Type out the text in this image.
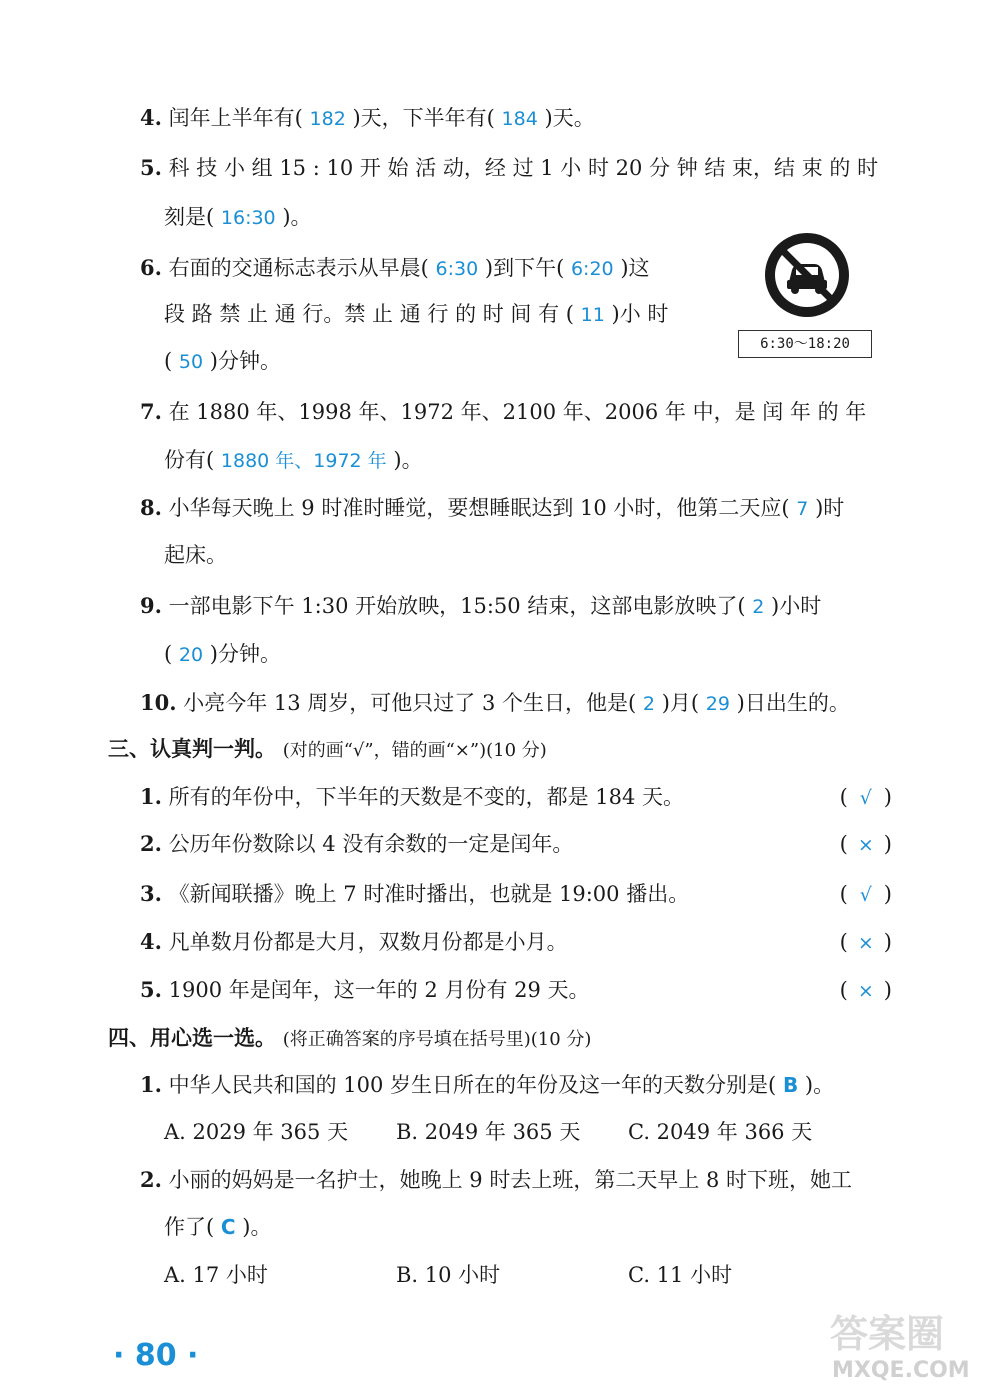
4. 闰年上半年有( 182 )天，下半年有( 184 )天。
5. 科 技 小 组 15 : 10 开 始 活 动，经 过 1 小 时 20 分 钟 结 束，结 束 的 时
刻是( 16:30 )。
6. 右面的交通标志表示从早晨( 6:30 )到下午( 6:20 )这
段 路 禁 止 通 行。禁 止 通 行 的 时 间 有 ( 11 )小 时
( 50 )分钟。
6:30～18:20
7. 在 1880 年、1998 年、1972 年、2100 年、2006 年 中，是 闰 年 的 年
份有( 1880 年、1972 年 )。
8. 小华每天晚上 9 时准时睡觉，要想睡眠达到 10 小时，他第二天应( 7 )时
起床。
9. 一部电影下午 1:30 开始放映，15:50 结束，这部电影放映了( 2 )小时
( 20 )分钟。
10. 小亮今年 13 周岁，可他只过了 3 个生日，他是( 2 )月( 29 )日出生的。
三、认真判一判。 (对的画“√”，错的画“×”)(10 分)
1. 所有的年份中，下半年的天数是不变的，都是 184 天。	( √ )
2. 公历年份数除以 4 没有余数的一定是闰年。	( × )
3. 《新闻联播》晚上 7 时准时播出，也就是 19:00 播出。	( √ )
4. 凡单数月份都是大月，双数月份都是小月。	( × )
5. 1900 年是闰年，这一年的 2 月份有 29 天。	( × )
四、用心选一选。 (将正确答案的序号填在括号里)(10 分)
1. 中华人民共和国的 100 岁生日所在的年份及这一年的天数分别是( B )。
A. 2029 年 365 天 B. 2049 年 365 天 C. 2049 年 366 天
2. 小丽的妈妈是一名护士，她晚上 9 时去上班，第二天早上 8 时下班，她工
作了( C )。
A. 17 小时	B. 10 小时	C. 11 小时
· 80 ·	答案圈
MXQE.COM
